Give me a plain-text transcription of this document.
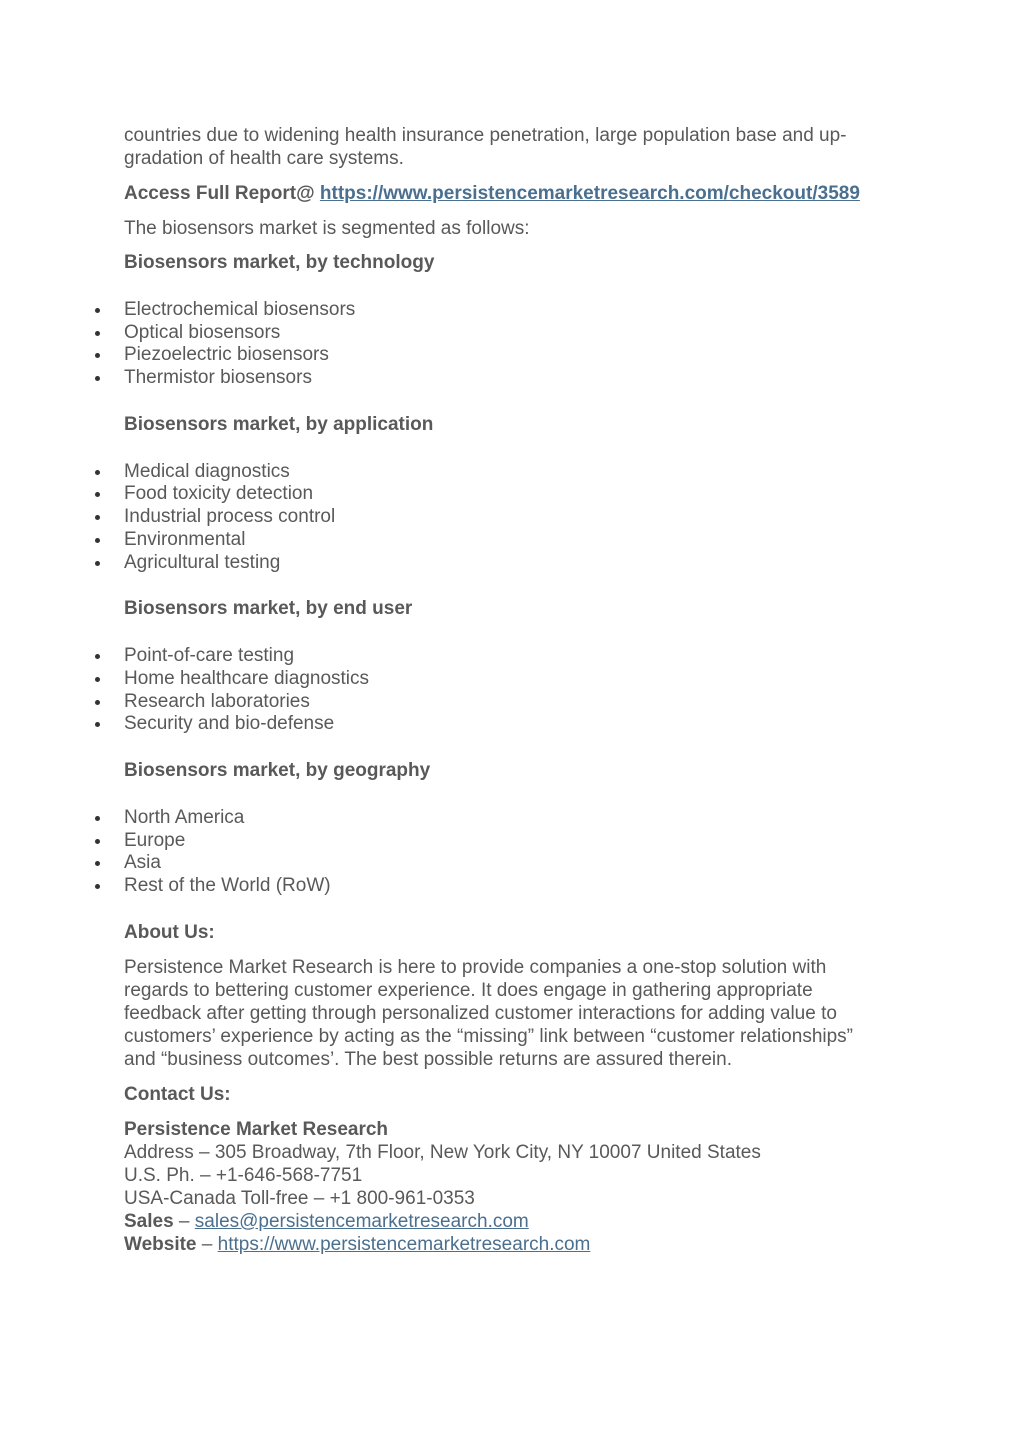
countries due to widening health insurance penetration, large population base and up-
gradation of health care systems.

Access Full Report@ https://www.persistencemarketresearch.com/checkout/3589

The biosensors market is segmented as follows:

Biosensors market, by technology

Electrochemical biosensors
Optical biosensors
Piezoelectric biosensors
Thermistor biosensors

Biosensors market, by application

Medical diagnostics
Food toxicity detection
Industrial process control
Environmental
Agricultural testing

Biosensors market, by end user

Point-of-care testing
Home healthcare diagnostics
Research laboratories
Security and bio-defense

Biosensors market, by geography

North America
Europe
Asia
Rest of the World (RoW)

About Us:

Persistence Market Research is here to provide companies a one-stop solution with
regards to bettering customer experience. It does engage in gathering appropriate
feedback after getting through personalized customer interactions for adding value to
customers’ experience by acting as the “missing” link between “customer relationships”
and “business outcomes’. The best possible returns are assured therein.

Contact Us:

Persistence Market Research
Address – 305 Broadway, 7th Floor, New York City, NY 10007 United States
U.S. Ph. – +1-646-568-7751
USA-Canada Toll-free – +1 800-961-0353
Sales – sales@persistencemarketresearch.com
Website – https://www.persistencemarketresearch.com
